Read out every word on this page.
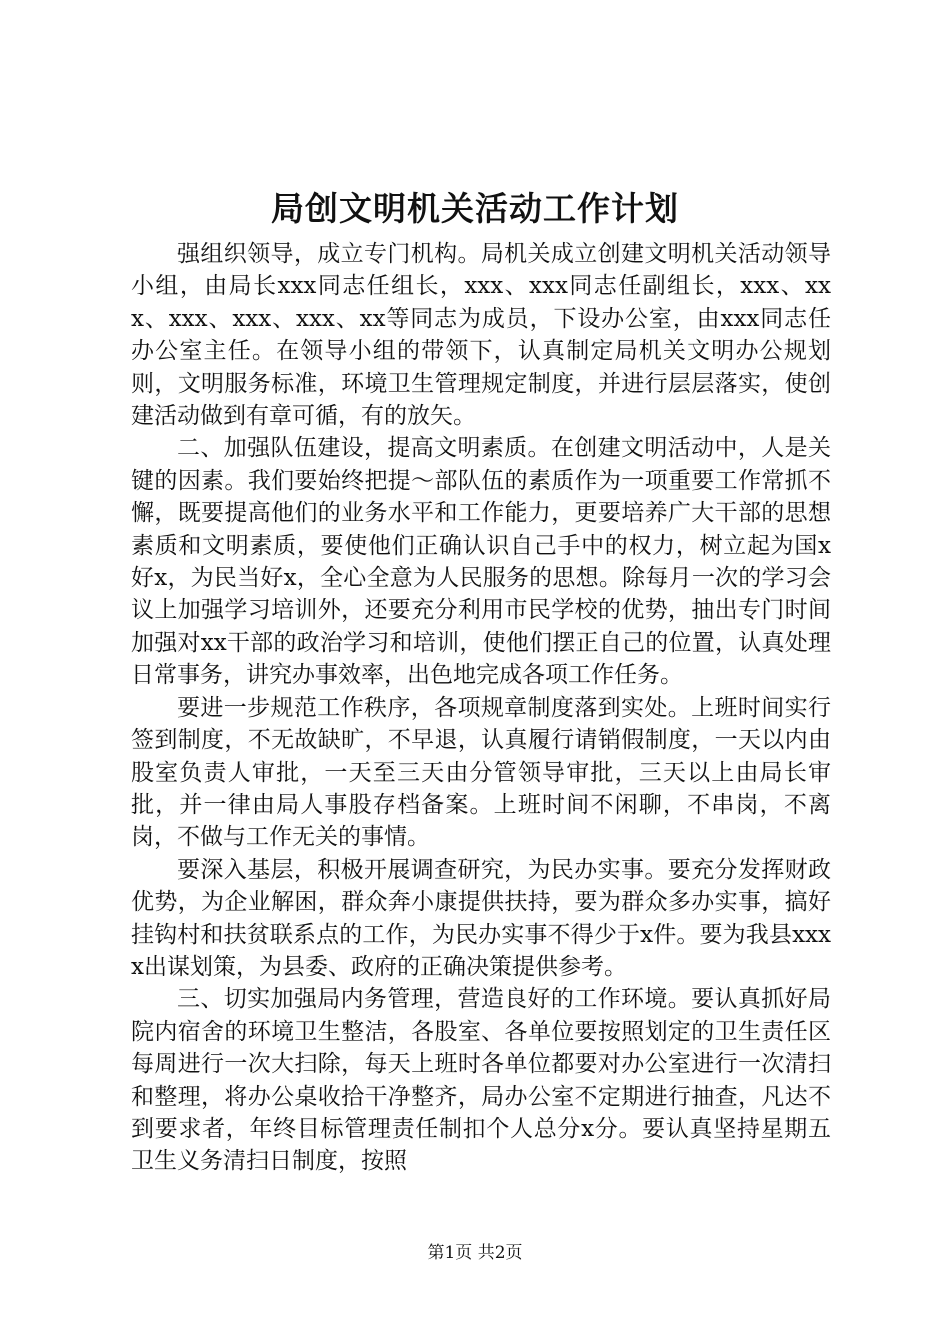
局创文明机关活动工作计划

强组织领导，成立专门机构。局机关成立创建文明机关活动领导小组，由局长xxx同志任组长，xxx、xxx同志任副组长，xxx、xxx、xxx、xxx、xxx、xx等同志为成员，下设办公室，由xxx同志任办公室主任。在领导小组的带领下，认真制定局机关文明办公规划则，文明服务标准，环境卫生管理规定制度，并进行层层落实，使创建活动做到有章可循，有的放矢。

二、加强队伍建设，提高文明素质。在创建文明活动中，人是关键的因素。我们要始终把提～部队伍的素质作为一项重要工作常抓不懈，既要提高他们的业务水平和工作能力，更要培养广大干部的思想素质和文明素质，要使他们正确认识自己手中的权力，树立起为国x好x，为民当好x，全心全意为人民服务的思想。除每月一次的学习会议上加强学习培训外，还要充分利用市民学校的优势，抽出专门时间加强对xx干部的政治学习和培训，使他们摆正自己的位置，认真处理日常事务，讲究办事效率，出色地完成各项工作任务。

要进一步规范工作秩序，各项规章制度落到实处。上班时间实行签到制度，不无故缺旷，不早退，认真履行请销假制度，一天以内由股室负责人审批，一天至三天由分管领导审批，三天以上由局长审批，并一律由局人事股存档备案。上班时间不闲聊，不串岗，不离岗，不做与工作无关的事情。

要深入基层，积极开展调查研究，为民办实事。要充分发挥财政优势，为企业解困，群众奔小康提供扶持，要为群众多办实事，搞好挂钩村和扶贫联系点的工作，为民办实事不得少于x件。要为我县xxxx出谋划策，为县委、政府的正确决策提供参考。

三、切实加强局内务管理，营造良好的工作环境。要认真抓好局院内宿舍的环境卫生整洁，各股室、各单位要按照划定的卫生责任区每周进行一次大扫除，每天上班时各单位都要对办公室进行一次清扫和整理，将办公桌收拾干净整齐，局办公室不定期进行抽查，凡达不到要求者，年终目标管理责任制扣个人总分x分。要认真坚持星期五卫生义务清扫日制度，按照

第1页 共2页
